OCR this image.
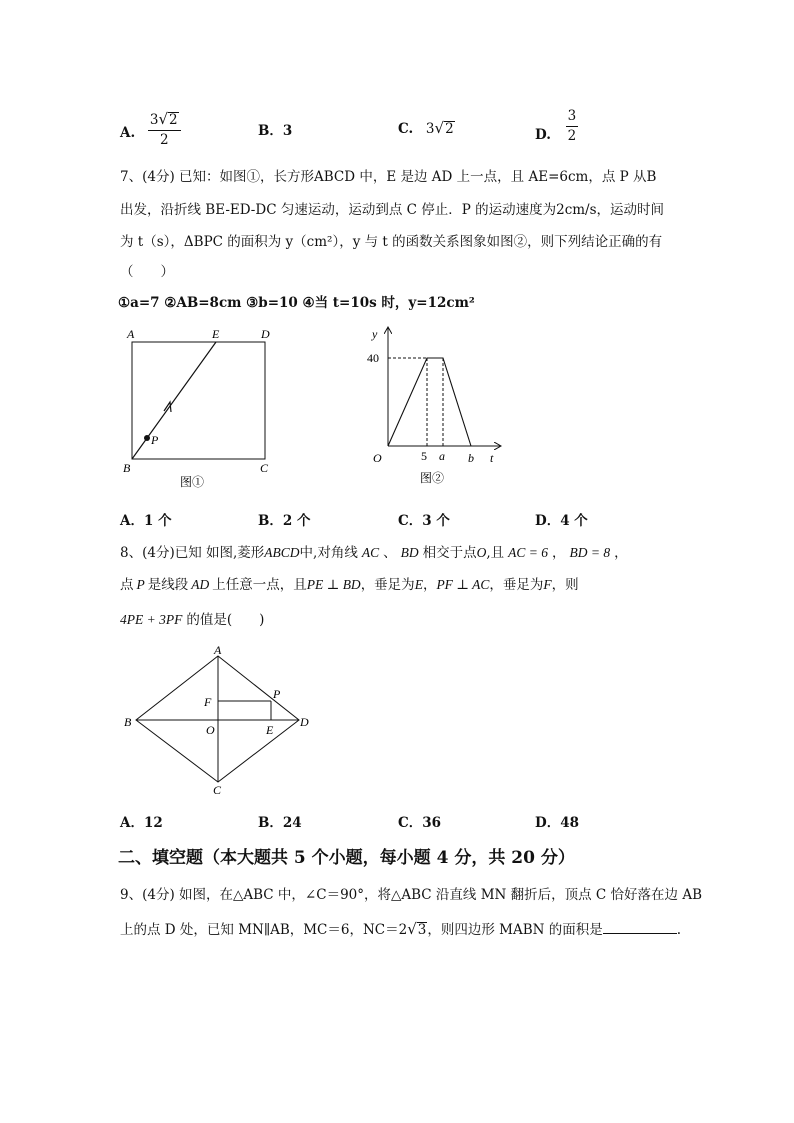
A. $\frac{3√2}{2}$	B．3	C. 3√2	D. $\frac{3}{2}$
7、(4分) 已知：如图①，长方形ABCD 中，E 是边 AD 上一点，且 AE=6cm，点 P 从B
出发，沿折线 BE-ED-DC 匀速运动，运动到点 C 停止．P 的运动速度为2cm/s，运动时间
为 t（s），ΔBPC 的面积为 y（cm²），y 与 t 的函数关系图象如图②，则下列结论正确的有
（　　）
①a=7 ②AB=8cm ③b=10 ④当 t=10s 时，y=12cm²
A	E	D
B	C
P
图①
y
40
O	5 a b t
图②
A．1 个	B．2 个	C．3 个	D．4 个
8、(4分)已知 如图,菱形ABCD中,对角线 AC 、 BD 相交于点O,且 AC = 6 ， BD = 8 ，
点 P 是线段 AD 上任意一点，且PE ⊥ BD，垂足为E，PF ⊥ AC，垂足为F，则
4PE + 3PF 的值是(　　)
A
B	D
C
O	E
F
P
A．12	B．24	C．36	D．48
二、填空题（本大题共 5 个小题，每小题 4 分，共 20 分）
9、(4分) 如图，在△ABC 中，∠C＝90°，将△ABC 沿直线 MN 翻折后，顶点 C 恰好落在边 AB
上的点 D 处，已知 MN∥AB，MC＝6，NC＝2√3，则四边形 MABN 的面积是	.
